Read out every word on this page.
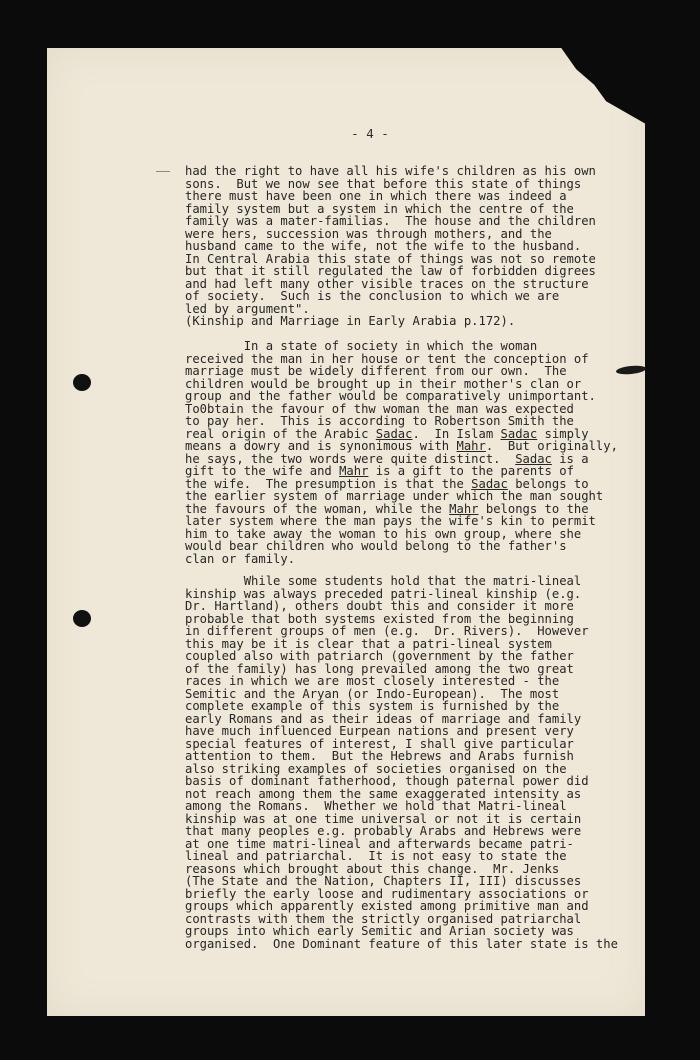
- 4 -
had the right to have all his wife's children as his own
sons.  But we now see that before this state of things
there must have been one in which there was indeed a
family system but a system in which the centre of the
family was a mater-familias.  The house and the children
were hers, succession was through mothers, and the
husband came to the wife, not the wife to the husband.
In Central Arabia this state of things was not so remote
but that it still regulated the law of forbidden digrees
and had left many other visible traces on the structure
of society.  Such is the conclusion to which we are
led by argument".
(Kinship and Marriage in Early Arabia p.172).
In a state of society in which the woman
received the man in her house or tent the conception of
marriage must be widely different from our own.  The
children would be brought up in their mother's clan or
group and the father would be comparatively unimportant.
To0btain the favour of thw woman the man was expected
to pay her.  This is according to Robertson Smith the
real origin of the Arabic Sadac.  In Islam Sadac simply
means a dowry and is synonimous with Mahr.  But originally,
he says, the two words were quite distinct.  Sadac is a
gift to the wife and Mahr is a gift to the parents of
the wife.  The presumption is that the Sadac belongs to
the earlier system of marriage under which the man sought
the favours of the woman, while the Mahr belongs to the
later system where the man pays the wife's kin to permit
him to take away the woman to his own group, where she
would bear children who would belong to the father's
clan or family.
While some students hold that the matri-lineal
kinship was always preceded patri-lineal kinship (e.g.
Dr. Hartland), others doubt this and consider it more
probable that both systems existed from the beginning
in different groups of men (e.g.  Dr. Rivers).  However
this may be it is clear that a patri-lineal system
coupled also with patriarch (government by the father
of the family) has long prevailed among the two great
races in which we are most closely interested - the
Semitic and the Aryan (or Indo-European).  The most
complete example of this system is furnished by the
early Romans and as their ideas of marriage and family
have much influenced Eurpean nations and present very
special features of interest, I shall give particular
attention to them.  But the Hebrews and Arabs furnish
also striking examples of societies organised on the
basis of dominant fatherhood, though paternal power did
not reach among them the same exaggerated intensity as
among the Romans.  Whether we hold that Matri-lineal
kinship was at one time universal or not it is certain
that many peoples e.g. probably Arabs and Hebrews were
at one time matri-lineal and afterwards became patri-
lineal and patriarchal.  It is not easy to state the
reasons which brought about this change.  Mr. Jenks
(The State and the Nation, Chapters II, III) discusses
briefly the early loose and rudimentary associations or
groups which apparently existed among primitive man and
contrasts with them the strictly organised patriarchal
groups into which early Semitic and Arian society was
organised.  One Dominant feature of this later state is the
